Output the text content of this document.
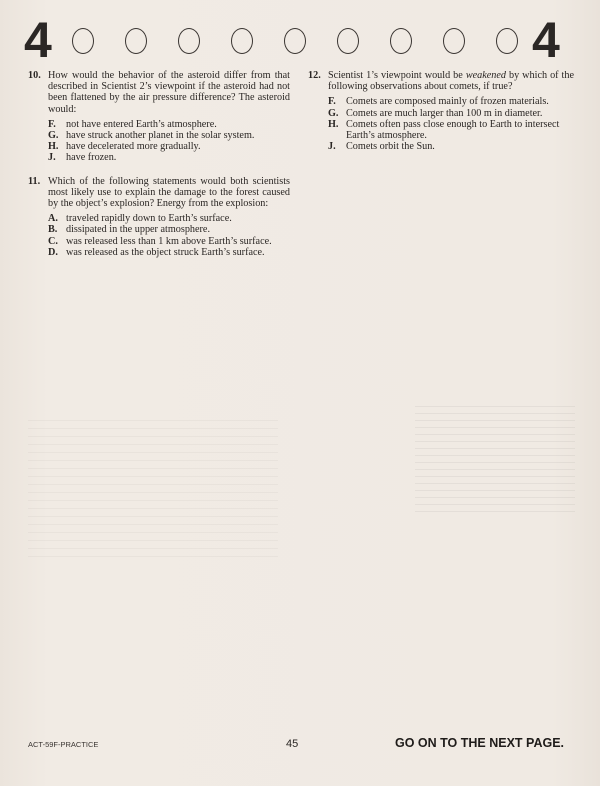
4	4
10. How would the behavior of the asteroid differ from that described in Scientist 2’s viewpoint if the asteroid had not been flattened by the air pressure difference? The asteroid would:
F. not have entered Earth’s atmosphere.
G. have struck another planet in the solar system.
H. have decelerated more gradually.
J. have frozen.
11. Which of the following statements would both scientists most likely use to explain the damage to the forest caused by the object’s explosion? Energy from the explosion:
A. traveled rapidly down to Earth’s surface.
B. dissipated in the upper atmosphere.
C. was released less than 1 km above Earth’s surface.
D. was released as the object struck Earth’s surface.
12. Scientist 1’s viewpoint would be weakened by which of the following observations about comets, if true?
F. Comets are composed mainly of frozen materials.
G. Comets are much larger than 100 m in diameter.
H. Comets often pass close enough to Earth to intersect Earth’s atmosphere.
J. Comets orbit the Sun.
ACT-59F-PRACTICE	45	GO ON TO THE NEXT PAGE.
